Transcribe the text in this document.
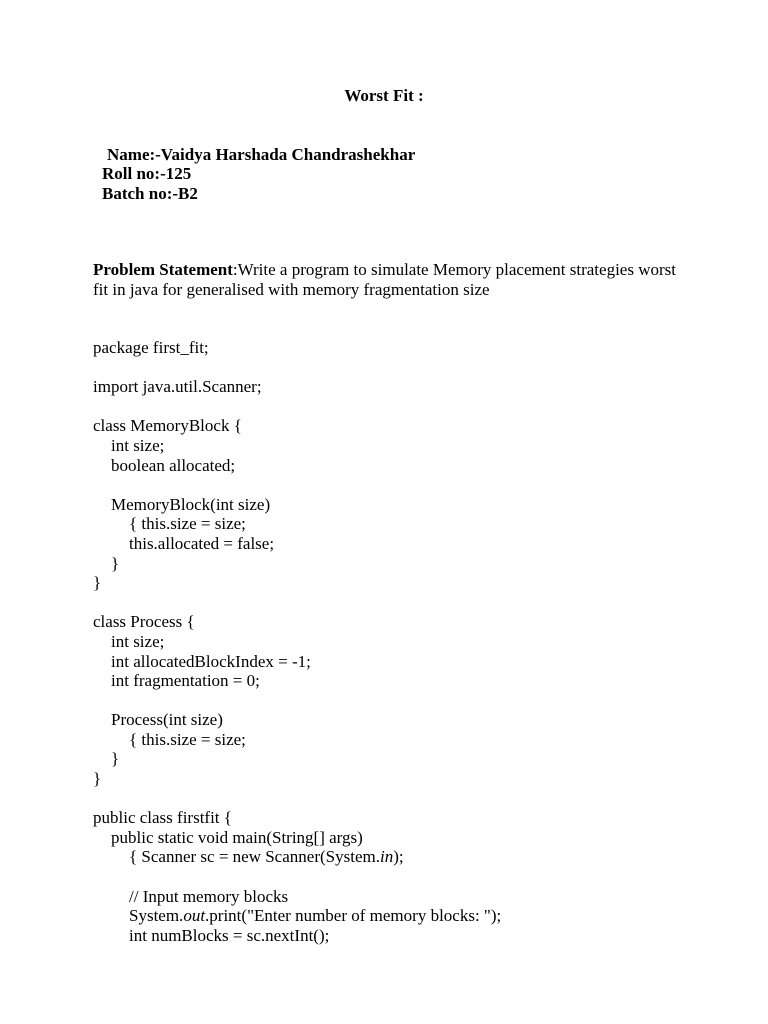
Worst Fit :
Name:-Vaidya Harshada Chandrashekhar
Roll no:-125
Batch no:-B2
Problem Statement:Write a program to simulate Memory placement strategies worst fit in java for generalised with memory fragmentation size
package first_fit;
import java.util.Scanner;
class MemoryBlock {
int size;
boolean allocated;
MemoryBlock(int size)
{ this.size = size;
this.allocated = false;
}
}
class Process {
int size;
int allocatedBlockIndex = -1;
int fragmentation = 0;
Process(int size)
{ this.size = size;
}
}
public class firstfit {
public static void main(String[] args)
{ Scanner sc = new Scanner(System.in);
// Input memory blocks
System.out.print("Enter number of memory blocks: ");
int numBlocks = sc.nextInt();
